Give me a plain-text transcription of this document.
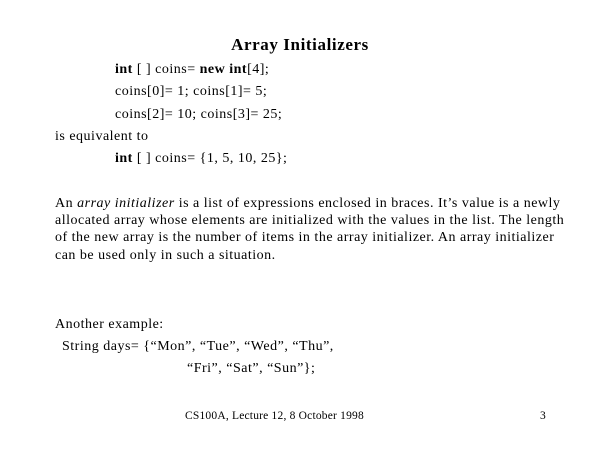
Array Initializers
int [ ] coins= new int[4];
coins[0]= 1; coins[1]= 5;
coins[2]= 10; coins[3]= 25;
is equivalent to
int [ ] coins= {1, 5, 10, 25};
An array initializer is a list of expressions enclosed in braces. It’s value is a newly allocated array whose elements are initialized with the values in the list. The length of the new array is the number of items in the array initializer. An array initializer can be used only in such a situation.
Another example:
String days= {“Mon”, “Tue”, “Wed”, “Thu”,
“Fri”, “Sat”, “Sun”};
CS100A, Lecture 12, 8 October 1998	3
